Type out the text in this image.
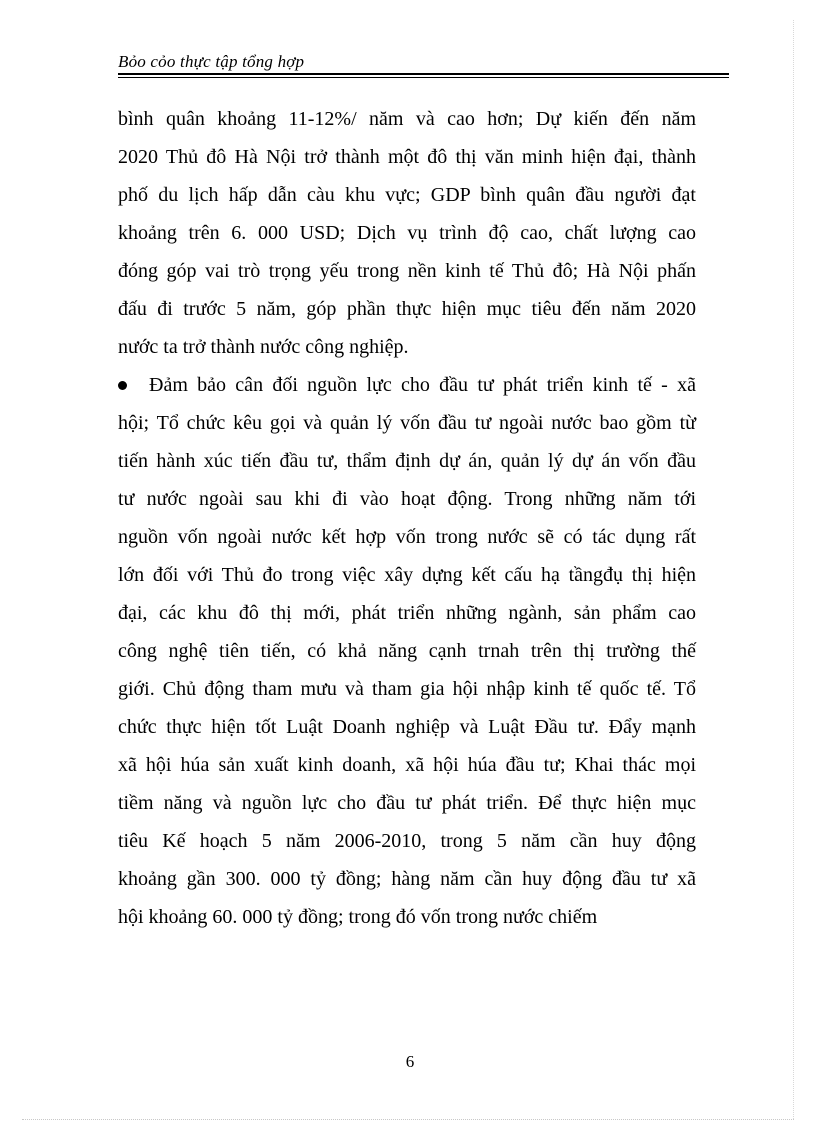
Bỏo cỏo thực tập tổng hợp
bình quân khoảng 11-12%/ năm và cao hơn; Dự kiến đến năm
2020 Thủ đô Hà Nội trở thành một đô thị văn minh hiện đại, thành
phố du lịch hấp dẫn càu khu vực; GDP bình quân đầu người đạt
khoảng trên 6. 000 USD; Dịch vụ trình độ cao, chất lượng cao
đóng góp vai trò trọng yếu trong nền kinh tế Thủ đô; Hà Nội phấn
đấu đi trước 5 năm, góp phần thực hiện mục tiêu đến năm 2020
nước ta trở thành nước công nghiệp.
Đảm bảo cân đối nguồn lực cho đầu tư phát triển kinh tế - xã
hội; Tổ chức kêu gọi và quản lý vốn đầu tư ngoài nước bao gồm từ
tiến hành xúc tiến đầu tư, thẩm định dự án, quản lý dự án vốn đầu
tư nước ngoài sau khi đi vào hoạt động. Trong những năm tới
nguồn vốn ngoài nước kết hợp vốn trong nước sẽ có tác dụng rất
lớn đối với Thủ đo trong việc xây dựng kết cấu hạ tầngđụ thị hiện
đại, các khu đô thị mới, phát triển những ngành, sản phẩm cao
công nghệ tiên tiến, có khả năng cạnh trnah trên thị trường thế
giới. Chủ động tham mưu và tham gia hội nhập kinh tế quốc tế. Tổ
chức thực hiện tốt Luật Doanh nghiệp và Luật Đầu tư. Đẩy mạnh
xã hội húa sản xuất kinh doanh, xã hội húa đầu tư; Khai thác mọi
tiềm năng và nguồn lực cho đầu tư phát triển. Để thực hiện mục
tiêu Kế hoạch 5 năm 2006-2010, trong 5 năm cần huy động
khoảng gần 300. 000 tỷ đồng; hàng năm cần huy động đầu tư xã
hội khoảng 60. 000 tỷ đồng; trong đó vốn trong nước chiếm
6
